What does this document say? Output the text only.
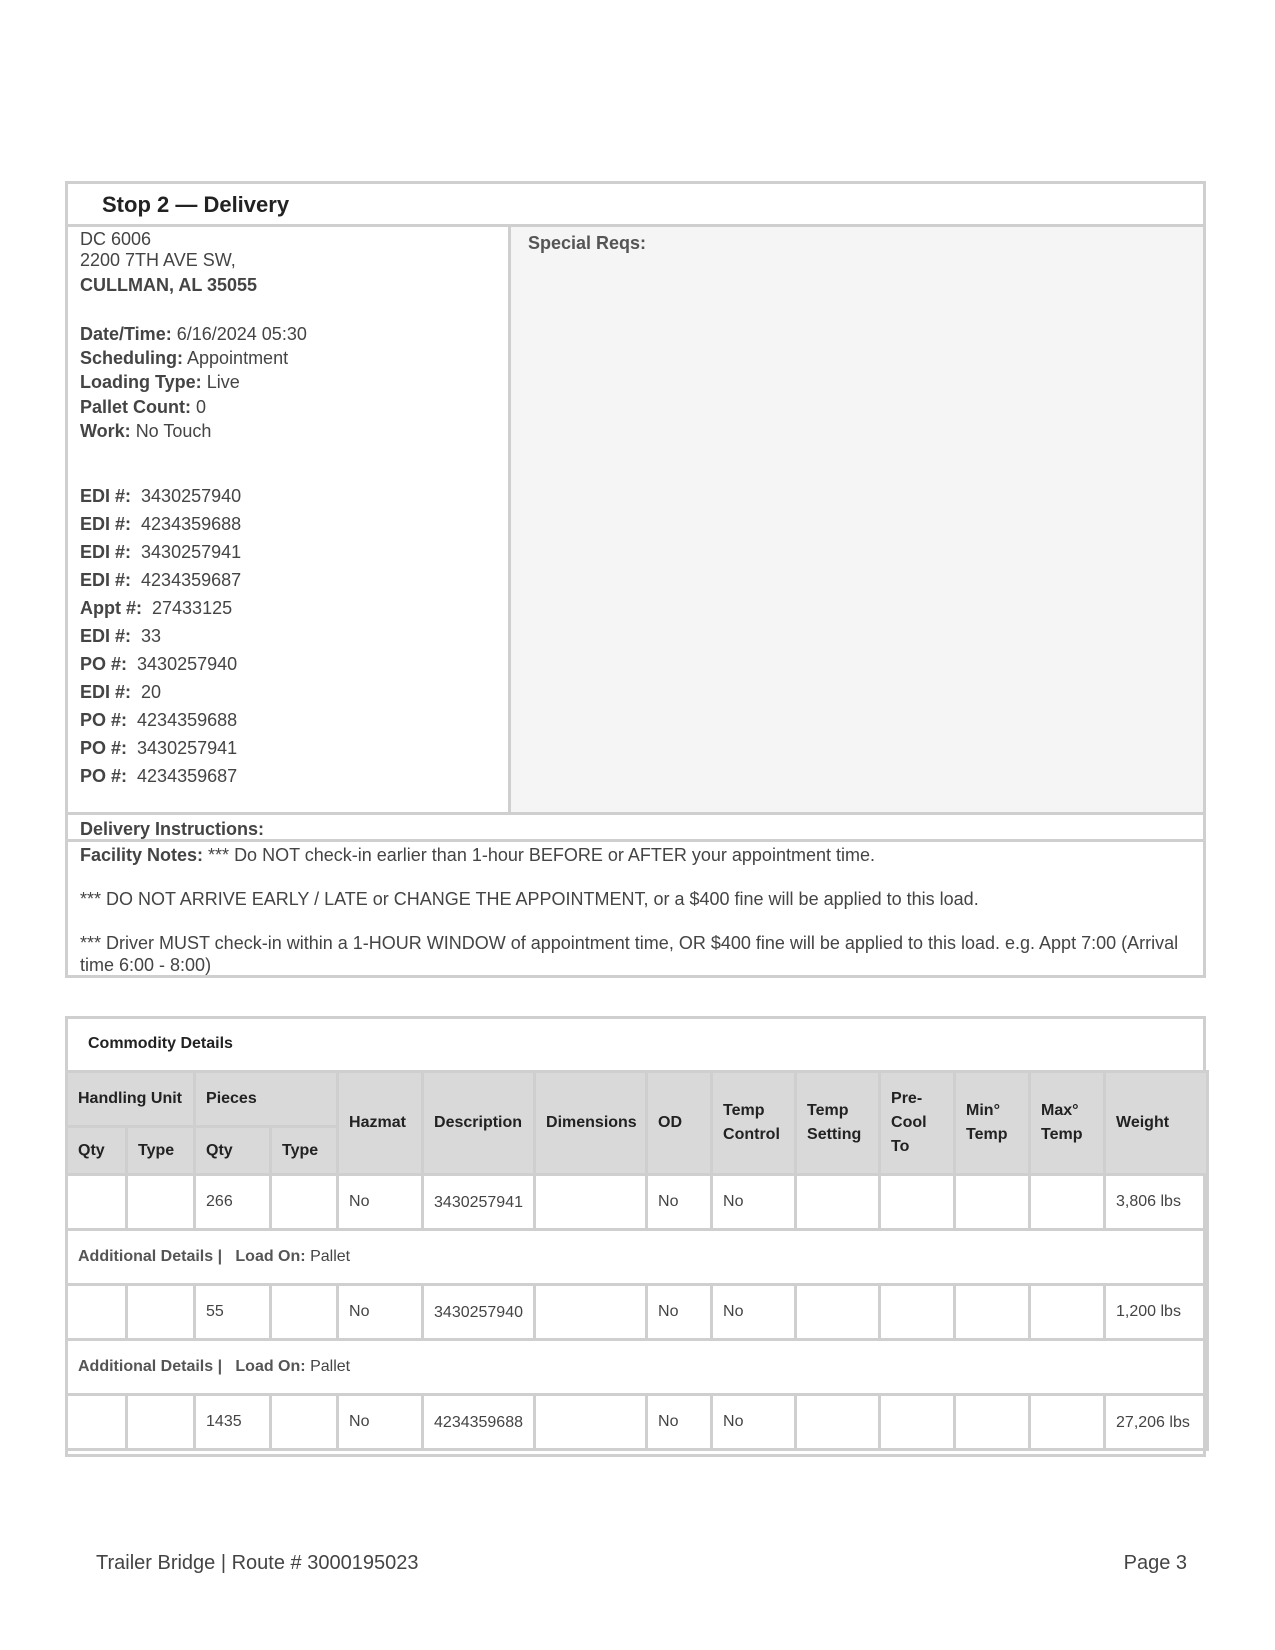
Stop 2 — Delivery
DC 6006
2200 7TH AVE SW,
CULLMAN, AL 35055
Date/Time: 6/16/2024 05:30
Scheduling: Appointment
Loading Type: Live
Pallet Count: 0
Work: No Touch
EDI #: 3430257940
EDI #: 4234359688
EDI #: 3430257941
EDI #: 4234359687
Appt #: 27433125
EDI #: 33
PO #: 3430257940
EDI #: 20
PO #: 4234359688
PO #: 3430257941
PO #: 4234359687
Special Reqs:
Delivery Instructions:

Facility Notes: *** Do NOT check-in earlier than 1-hour BEFORE or AFTER your appointment time.

*** DO NOT ARRIVE EARLY / LATE or CHANGE THE APPOINTMENT, or a $400 fine will be applied to this load.

*** Driver MUST check-in within a 1-HOUR WINDOW of appointment time, OR $400 fine will be applied to this load. e.g. Appt 7:00 (Arrival time 6:00 - 8:00)

Commodity Details
Handling Unit		Pieces		Hazmat	Description	Dimensions	OD	Temp Control	Temp Setting	Pre-Cool To	Min° Temp	Max° Temp	Weight
Qty	Type	Qty	Type										
		266		No	3430257941		No	No					3,806 lbs
Additional Details | Load On: Pallet													
		55		No	3430257940		No	No					1,200 lbs
Additional Details | Load On: Pallet													
		1435		No	4234359688		No	No					27,206 lbs
Trailer Bridge | Route # 3000195023	Page 3
